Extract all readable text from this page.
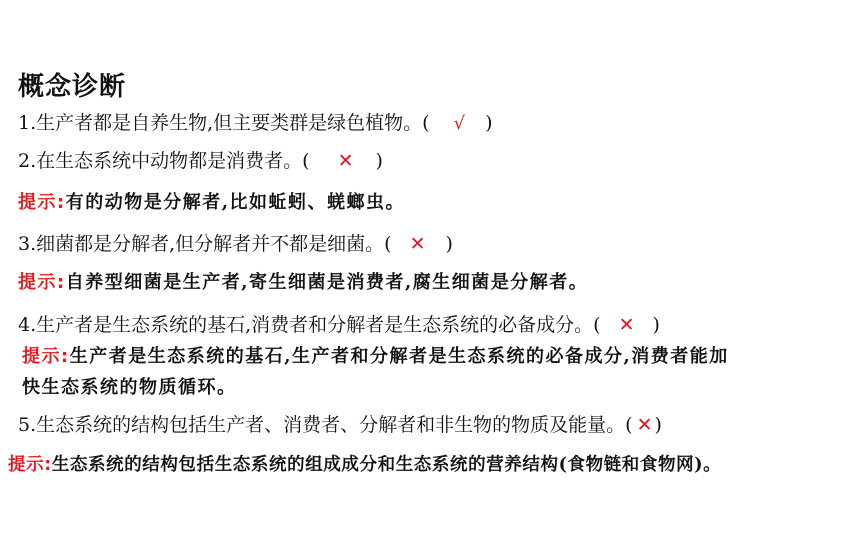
概念诊断
1.生产者都是自养生物,但主要类群是绿色植物。( √ )
2.在生态系统中动物都是消费者。( ✕ )
提示:有的动物是分解者,比如蚯蚓、蜣螂虫。
3.细菌都是分解者,但分解者并不都是细菌。( ✕ )
提示:自养型细菌是生产者,寄生细菌是消费者,腐生细菌是分解者。
4.生产者是生态系统的基石,消费者和分解者是生态系统的必备成分。( ✕ )
提示:生产者是生态系统的基石,生产者和分解者是生态系统的必备成分,消费者能加
快生态系统的物质循环。
5.生态系统的结构包括生产者、消费者、分解者和非生物的物质及能量。( ✕ )
提示:生态系统的结构包括生态系统的组成成分和生态系统的营养结构(食物链和食物网)。
